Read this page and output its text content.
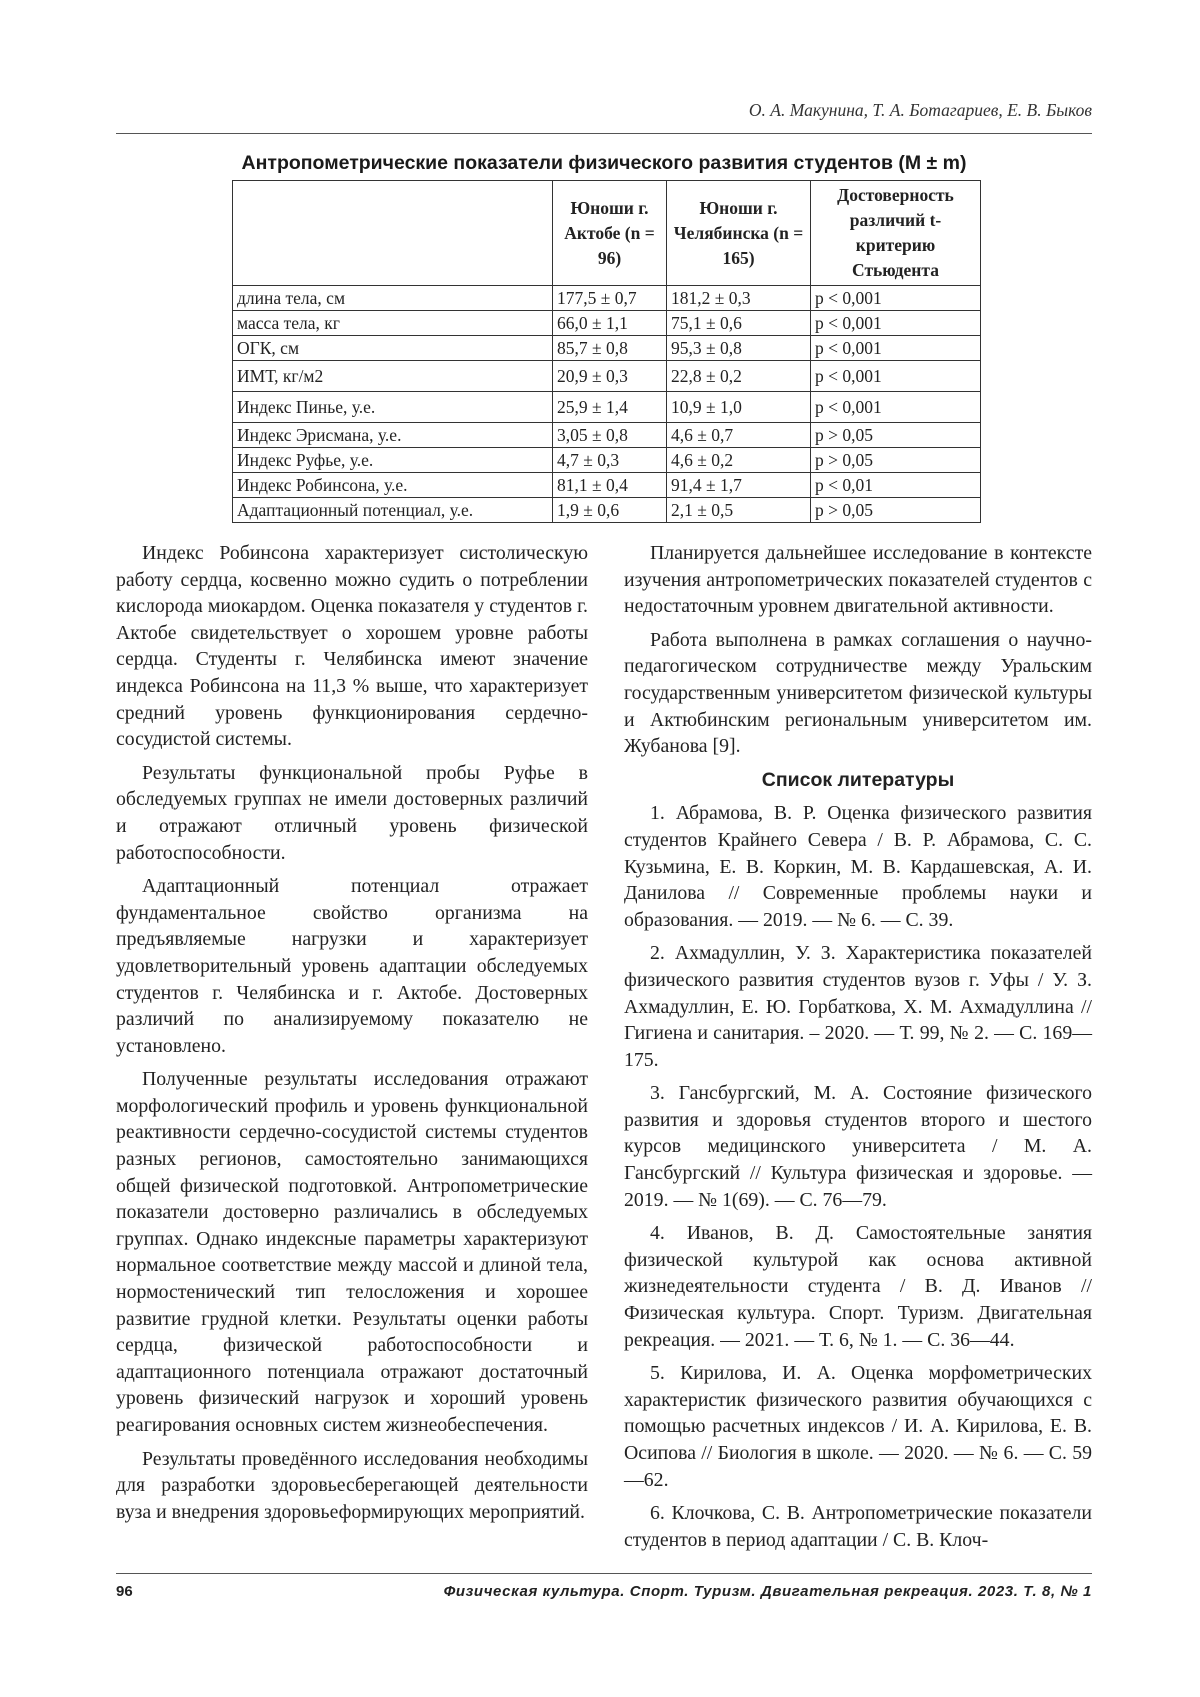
О. А. Макунина, Т. А. Ботагариев, Е. В. Быков
Антропометрические показатели физического развития студентов (M ± m)
	Юноши г. Актобе (n = 96)	Юноши г. Челябинска (n = 165)	Достоверность различий t-критерию Стьюдента
длина тела, см	177,5 ± 0,7	181,2 ± 0,3	p < 0,001
масса тела, кг	66,0 ± 1,1	75,1 ± 0,6	p < 0,001
ОГК, см	85,7 ± 0,8	95,3 ± 0,8	p < 0,001
ИМТ, кг/м2	20,9 ± 0,3	22,8 ± 0,2	p < 0,001
Индекс Пинье, у.е.	25,9 ± 1,4	10,9 ± 1,0	p < 0,001
Индекс Эрисмана, у.е.	3,05 ± 0,8	4,6 ± 0,7	p > 0,05
Индекс Руфье, у.е.	4,7 ± 0,3	4,6 ± 0,2	p > 0,05
Индекс Робинсона, у.е.	81,1 ± 0,4	91,4 ± 1,7	p < 0,01
Адаптационный потенциал, у.е.	1,9 ± 0,6	2,1 ± 0,5	p > 0,05

Индекс Робинсона характеризует систолическую работу сердца, косвенно можно судить о потреблении кислорода миокардом. Оценка показателя у студентов г. Актобе свидетельствует о хорошем уровне работы сердца. Студенты г. Челябинска имеют значение индекса Робинсона на 11,3 % выше, что характеризует средний уровень функционирования сердечно-сосудистой системы.

Результаты функциональной пробы Руфье в обследуемых группах не имели достоверных различий и отражают отличный уровень физической работоспособности.

Адаптационный потенциал отражает фундаментальное свойство организма на предъявляемые нагрузки и характеризует удовлетворительный уровень адаптации обследуемых студентов г. Челябинска и г. Актобе. Достоверных различий по анализируемому показателю не установлено.

Полученные результаты исследования отражают морфологический профиль и уровень функциональной реактивности сердечно-сосудистой системы студентов разных регионов, самостоятельно занимающихся общей физической подготовкой. Антропометрические показатели достоверно различались в обследуемых группах. Однако индексные параметры характеризуют нормальное соответствие между массой и длиной тела, нормостенический тип телосложения и хорошее развитие грудной клетки. Результаты оценки работы сердца, физической работоспособности и адаптационного потенциала отражают достаточный уровень физический нагрузок и хороший уровень реагирования основных систем жизнеобеспечения.

Результаты проведённого исследования необходимы для разработки здоровьесберегающей деятельности вуза и внедрения здоровьеформирующих мероприятий.

Планируется дальнейшее исследование в контексте изучения антропометрических показателей студентов с недостаточным уровнем двигательной активности.

Работа выполнена в рамках соглашения о научно-педагогическом сотрудничестве между Уральским государственным университетом физической культуры и Актюбинским региональным университетом им. Жубанова [9].

Список литературы

1. Абрамова, В. Р. Оценка физического развития студентов Крайнего Севера / В. Р. Абрамова, С. С. Кузьмина, Е. В. Коркин, М. В. Кардашевская, А. И. Данилова // Современные проблемы науки и образования. — 2019. — № 6. — С. 39.

2. Ахмадуллин, У. З. Характеристика показателей физического развития студентов вузов г. Уфы / У. З. Ахмадуллин, Е. Ю. Горбаткова, Х. М. Ахмадуллина // Гигиена и санитария. – 2020. — Т. 99, № 2. — С. 169—175.

3. Гансбургский, М. А. Состояние физического развития и здоровья студентов второго и шестого курсов медицинского университета / М. А. Гансбургский // Культура физическая и здоровье. — 2019. — № 1(69). — С. 76—79.

4. Иванов, В. Д. Самостоятельные занятия физической культурой как основа активной жизнедеятельности студента / В. Д. Иванов // Физическая культура. Спорт. Туризм. Двигательная рекреация. — 2021. — Т. 6, № 1. — С. 36—44.

5. Кирилова, И. А. Оценка морфометрических характеристик физического развития обучающихся с помощью расчетных индексов / И. А. Кирилова, Е. В. Осипова // Биология в школе. — 2020. — № 6. — С. 59—62.

6. Клочкова, С. В. Антропометрические показатели студентов в период адаптации / С. В. Клоч-

96	Физическая культура. Спорт. Туризм. Двигательная рекреация. 2023. Т. 8, № 1
